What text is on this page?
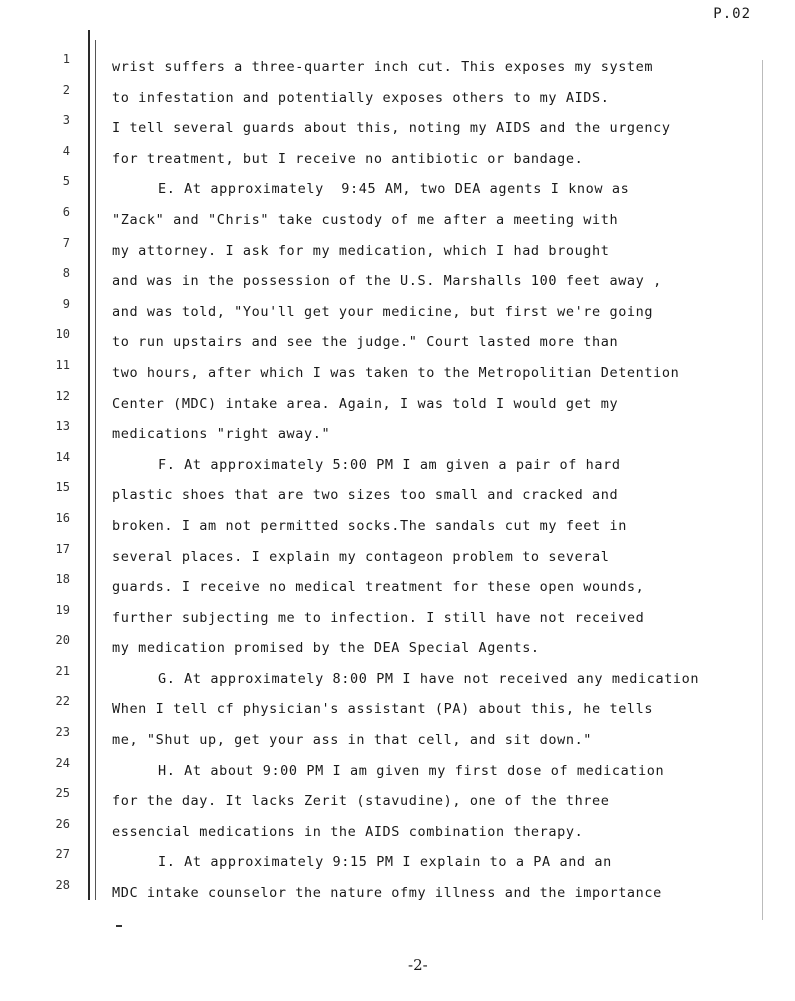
P.02
1
2
3
4
5
6
7
8
9
10
11
12
13
14
15
16
17
18
19
20
21
22
23
24
25
26
27
28
wrist suffers a three-quarter inch cut. This exposes my system
to infestation and potentially exposes others to my AIDS.
I tell several guards about this, noting my AIDS and the urgency
for treatment, but I receive no antibiotic or bandage.
E. At approximately  9:45 AM, two DEA agents I know as
"Zack" and "Chris" take custody of me after a meeting with
my attorney. I ask for my medication, which I had brought
and was in the possession of the U.S. Marshalls 100 feet away ,
and was told, "You'll get your medicine, but first we're going
to run upstairs and see the judge." Court lasted more than
two hours, after which I was taken to the Metropolitian Detention
Center (MDC) intake area. Again, I was told I would get my
medications "right away."
F. At approximately 5:00 PM I am given a pair of hard
plastic shoes that are two sizes too small and cracked and
broken. I am not permitted socks.The sandals cut my feet in
several places. I explain my contageon problem to several
guards. I receive no medical treatment for these open wounds,
further subjecting me to infection. I still have not received
my medication promised by the DEA Special Agents.
G. At approximately 8:00 PM I have not received any medication
When I tell cf physician's assistant (PA) about this, he tells
me, "Shut up, get your ass in that cell, and sit down."
H. At about 9:00 PM I am given my first dose of medication
for the day. It lacks Zerit (stavudine), one of the three
essencial medications in the AIDS combination therapy.
I. At approximately 9:15 PM I explain to a PA and an
MDC intake counselor the nature ofmy illness and the importance
-2-
